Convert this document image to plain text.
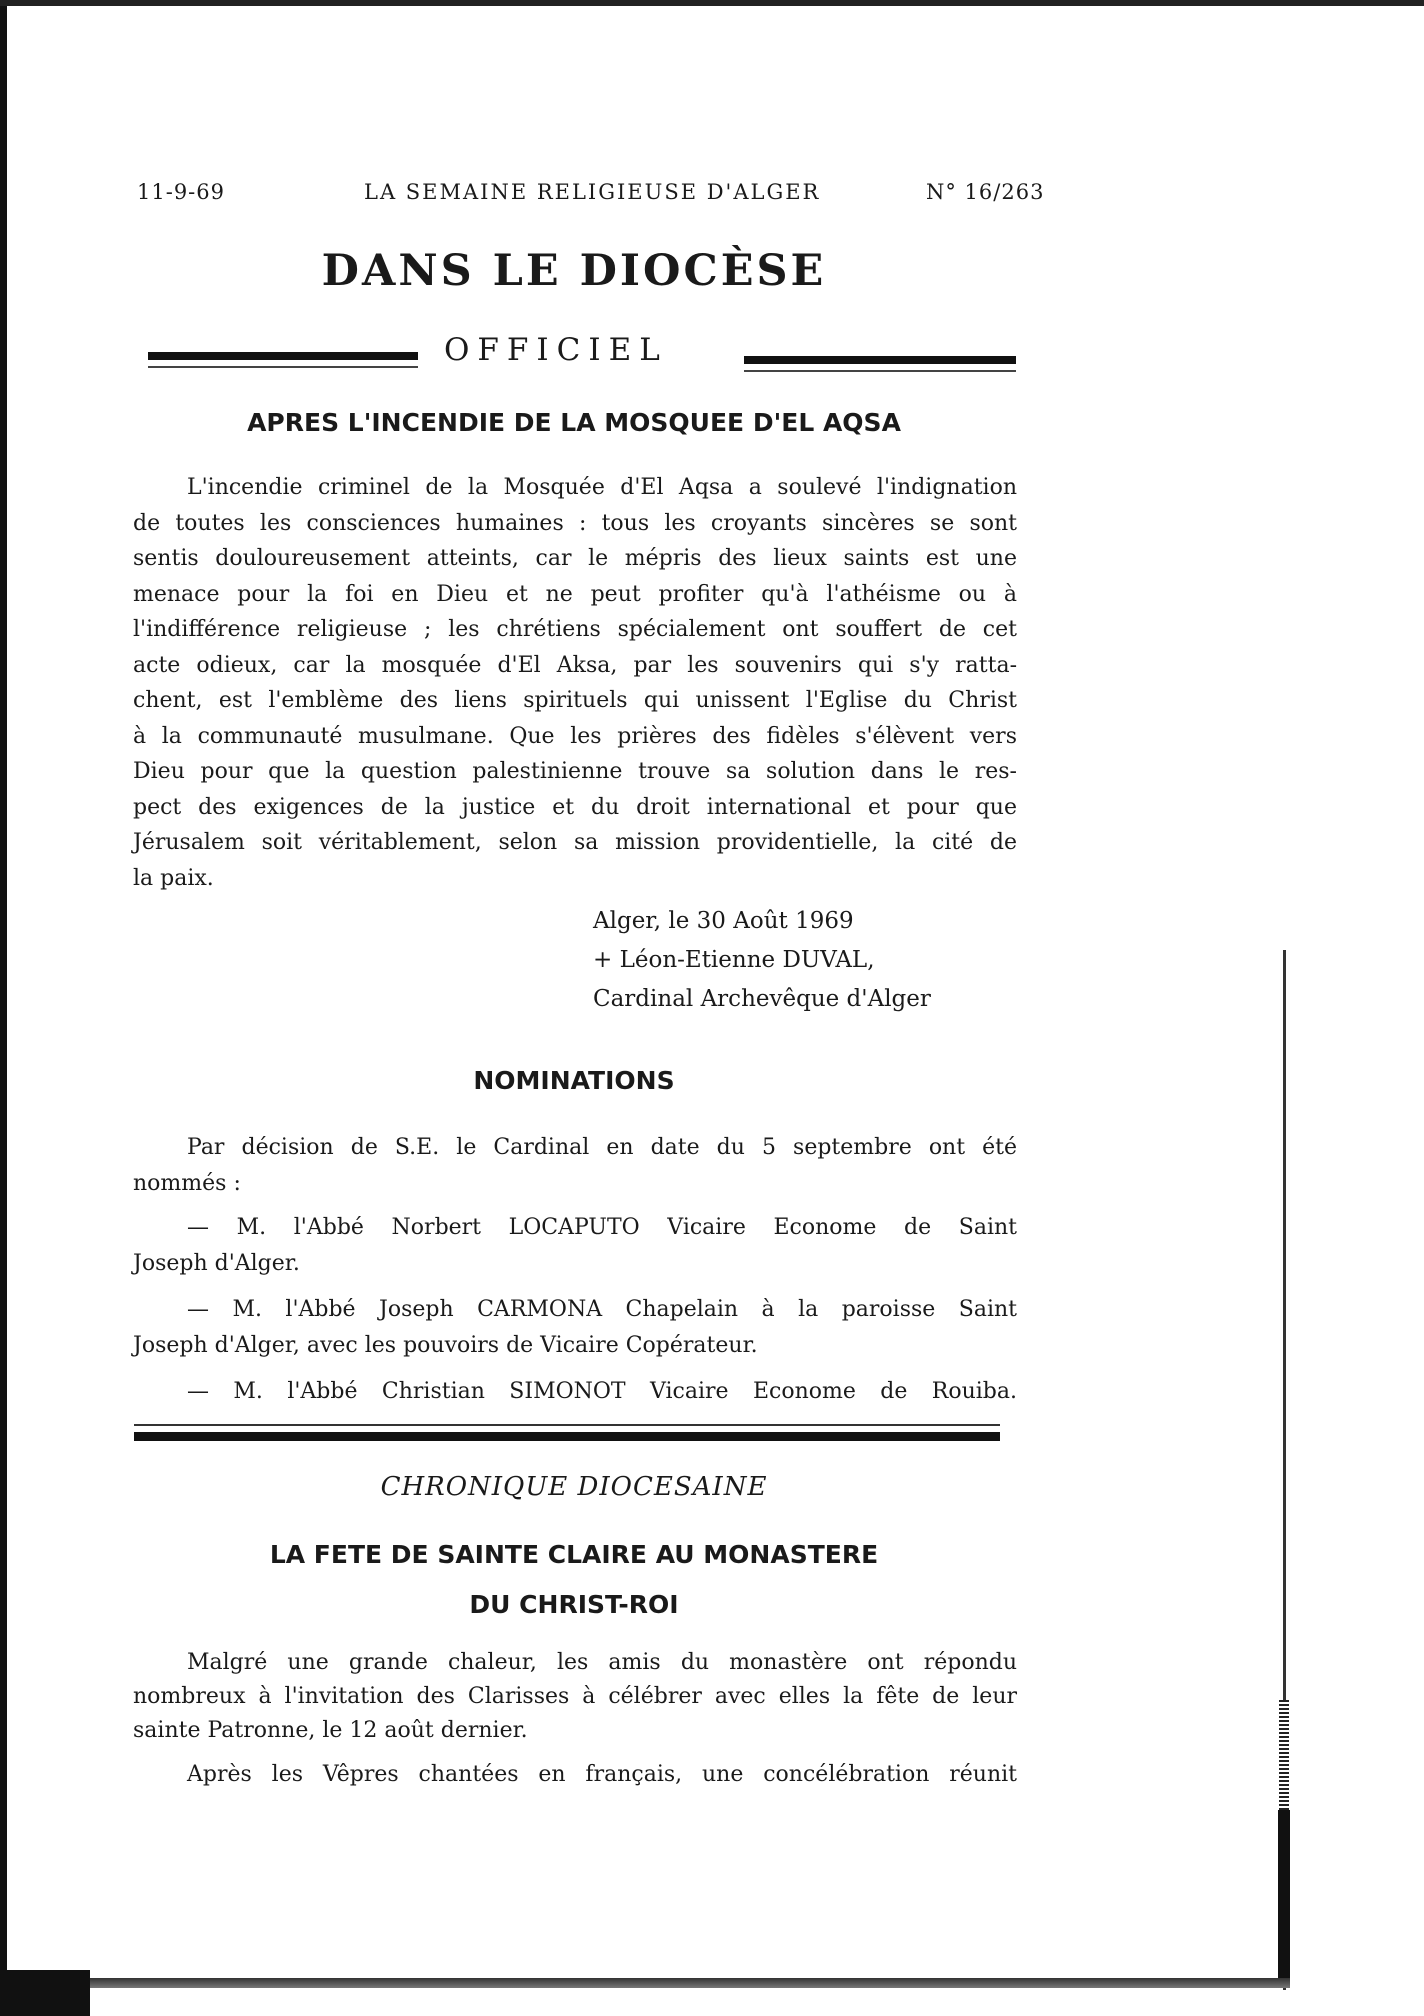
11-9-69	LA SEMAINE RELIGIEUSE D'ALGER	N° 16/263
DANS LE DIOCÈSE
OFFICIEL
APRES L'INCENDIE DE LA MOSQUEE D'EL AQSA
L'incendie criminel de la Mosquée d'El Aqsa a soulevé l'indignation
de toutes les consciences humaines : tous les croyants sincères se sont
sentis douloureusement atteints, car le mépris des lieux saints est une
menace pour la foi en Dieu et ne peut profiter qu'à l'athéisme ou à
l'indifférence religieuse ; les chrétiens spécialement ont souffert de cet
acte odieux, car la mosquée d'El Aksa, par les souvenirs qui s'y ratta-
chent, est l'emblème des liens spirituels qui unissent l'Eglise du Christ
à la communauté musulmane. Que les prières des fidèles s'élèvent vers
Dieu pour que la question palestinienne trouve sa solution dans le res-
pect des exigences de la justice et du droit international et pour que
Jérusalem soit véritablement, selon sa mission providentielle, la cité de
la paix.
Alger, le 30 Août 1969
+ Léon-Etienne DUVAL,
Cardinal Archevêque d'Alger
NOMINATIONS
Par décision de S.E. le Cardinal en date du 5 septembre ont été
nommés :
— M. l'Abbé Norbert LOCAPUTO Vicaire Econome de Saint
Joseph d'Alger.
— M. l'Abbé Joseph CARMONA Chapelain à la paroisse Saint
Joseph d'Alger, avec les pouvoirs de Vicaire Copérateur.
— M. l'Abbé Christian SIMONOT Vicaire Econome de Rouiba.
CHRONIQUE DIOCESAINE
LA FETE DE SAINTE CLAIRE AU MONASTERE
DU CHRIST-ROI
Malgré une grande chaleur, les amis du monastère ont répondu
nombreux à l'invitation des Clarisses à célébrer avec elles la fête de leur
sainte Patronne, le 12 août dernier.
Après les Vêpres chantées en français, une concélébration réunit
